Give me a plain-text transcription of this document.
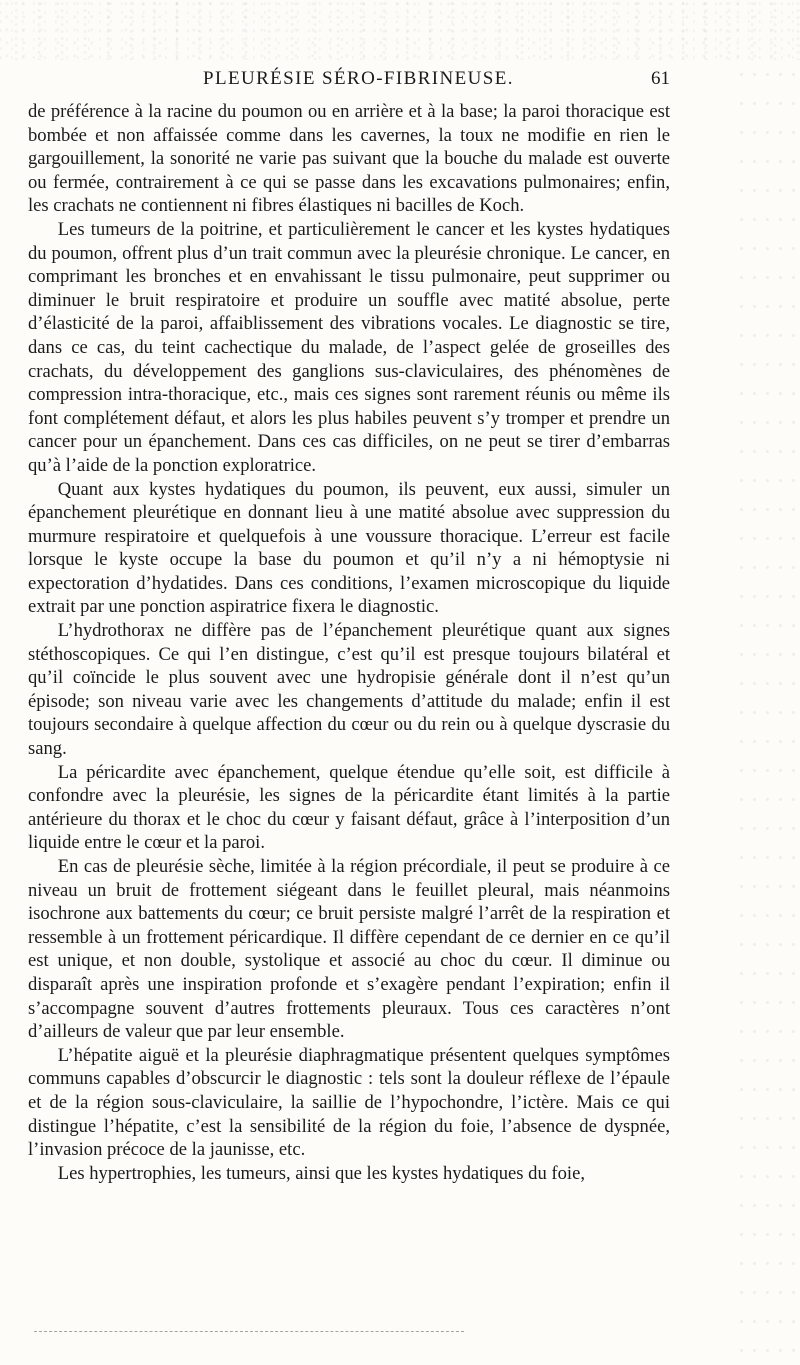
PLEURÉSIE SÉRO-FIBRINEUSE.	61

de préférence à la racine du poumon ou en arrière et à la base; la paroi thoracique est bombée et non affaissée comme dans les cavernes, la toux ne modifie en rien le gargouillement, la sonorité ne varie pas suivant que la bouche du malade est ouverte ou fermée, contrairement à ce qui se passe dans les excavations pulmonaires; enfin, les crachats ne contiennent ni fibres élastiques ni bacilles de Koch.

Les tumeurs de la poitrine, et particulièrement le cancer et les kystes hydatiques du poumon, offrent plus d’un trait commun avec la pleurésie chronique. Le cancer, en comprimant les bronches et en envahissant le tissu pulmonaire, peut supprimer ou diminuer le bruit respiratoire et produire un souffle avec matité absolue, perte d’élasticité de la paroi, affaiblissement des vibrations vocales. Le diagnostic se tire, dans ce cas, du teint cachectique du malade, de l’aspect gelée de groseilles des crachats, du développement des ganglions sus-claviculaires, des phénomènes de compression intra-thoracique, etc., mais ces signes sont rarement réunis ou même ils font complétement défaut, et alors les plus habiles peuvent s’y tromper et prendre un cancer pour un épanchement. Dans ces cas difficiles, on ne peut se tirer d’embarras qu’à l’aide de la ponction exploratrice.

Quant aux kystes hydatiques du poumon, ils peuvent, eux aussi, simuler un épanchement pleurétique en donnant lieu à une matité absolue avec suppression du murmure respiratoire et quelquefois à une voussure thoracique. L’erreur est facile lorsque le kyste occupe la base du poumon et qu’il n’y a ni hémoptysie ni expectoration d’hydatides. Dans ces conditions, l’examen microscopique du liquide extrait par une ponction aspiratrice fixera le diagnostic.

L’hydrothorax ne diffère pas de l’épanchement pleurétique quant aux signes stéthoscopiques. Ce qui l’en distingue, c’est qu’il est presque toujours bilatéral et qu’il coïncide le plus souvent avec une hydropisie générale dont il n’est qu’un épisode; son niveau varie avec les changements d’attitude du malade; enfin il est toujours secondaire à quelque affection du cœur ou du rein ou à quelque dyscrasie du sang.

La péricardite avec épanchement, quelque étendue qu’elle soit, est difficile à confondre avec la pleurésie, les signes de la péricardite étant limités à la partie antérieure du thorax et le choc du cœur y faisant défaut, grâce à l’interposition d’un liquide entre le cœur et la paroi.

En cas de pleurésie sèche, limitée à la région précordiale, il peut se produire à ce niveau un bruit de frottement siégeant dans le feuillet pleural, mais néanmoins isochrone aux battements du cœur; ce bruit persiste malgré l’arrêt de la respiration et ressemble à un frottement péricardique. Il diffère cependant de ce dernier en ce qu’il est unique, et non double, systolique et associé au choc du cœur. Il diminue ou disparaît après une inspiration profonde et s’exagère pendant l’expiration; enfin il s’accompagne souvent d’autres frottements pleuraux. Tous ces caractères n’ont d’ailleurs de valeur que par leur ensemble.

L’hépatite aiguë et la pleurésie diaphragmatique présentent quelques symptômes communs capables d’obscurcir le diagnostic : tels sont la douleur réflexe de l’épaule et de la région sous-claviculaire, la saillie de l’hypochondre, l’ictère. Mais ce qui distingue l’hépatite, c’est la sensibilité de la région du foie, l’absence de dyspnée, l’invasion précoce de la jaunisse, etc.

Les hypertrophies, les tumeurs, ainsi que les kystes hydatiques du foie,
